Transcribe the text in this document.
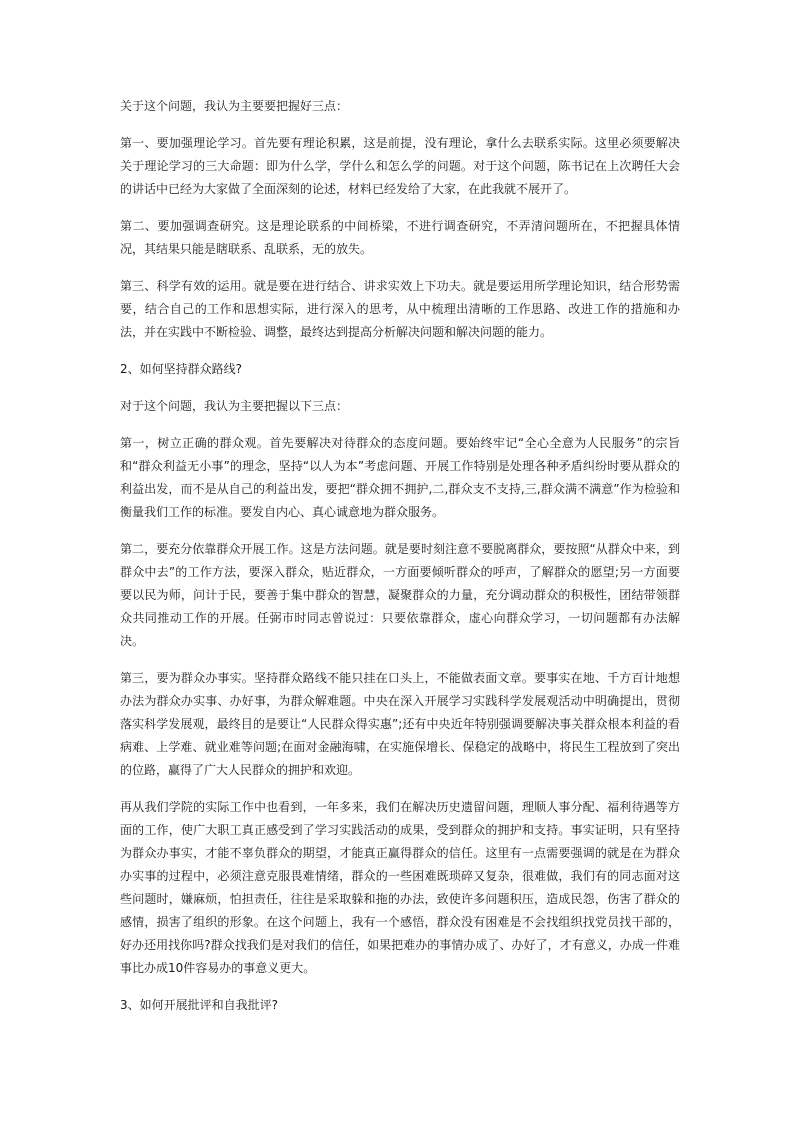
关于这个问题，我认为主要要把握好三点：

第一、要加强理论学习。首先要有理论积累，这是前提，没有理论，拿什么去联系实际。这里必须要解决关于理论学习的三大命题：即为什么学，学什么和怎么学的问题。对于这个问题，陈书记在上次聘任大会的讲话中已经为大家做了全面深刻的论述，材料已经发给了大家，在此我就不展开了。

第二、要加强调查研究。这是理论联系的中间桥梁，不进行调查研究，不弄清问题所在，不把握具体情况，其结果只能是瞎联系、乱联系，无的放失。

第三、科学有效的运用。就是要在进行结合、讲求实效上下功夫。就是要运用所学理论知识，结合形势需要，结合自己的工作和思想实际，进行深入的思考，从中梳理出清晰的工作思路、改进工作的措施和办法，并在实践中不断检验、调整，最终达到提高分析解决问题和解决问题的能力。

2、如何坚持群众路线?

对于这个问题，我认为主要把握以下三点：

第一，树立正确的群众观。首先要解决对待群众的态度问题。要始终牢记“全心全意为人民服务”的宗旨和“群众利益无小事”的理念，坚持“以人为本”考虑问题、开展工作特别是处理各种矛盾纠纷时要从群众的利益出发，而不是从自己的利益出发，要把“群众拥不拥护,二,群众支不支持,三,群众满不满意”作为检验和衡量我们工作的标准。要发自内心、真心诚意地为群众服务。

第二，要充分依靠群众开展工作。这是方法问题。就是要时刻注意不要脱离群众，要按照“从群众中来，到群众中去”的工作方法，要深入群众，贴近群众，一方面要倾听群众的呼声，了解群众的愿望;另一方面要要以民为师，问计于民，要善于集中群众的智慧，凝聚群众的力量，充分调动群众的积极性，团结带领群众共同推动工作的开展。任弼市时同志曾说过：只要依靠群众，虚心向群众学习，一切问题都有办法解决。

第三，要为群众办事实。坚持群众路线不能只挂在口头上，不能做表面文章。要事实在地、千方百计地想办法为群众办实事、办好事，为群众解难题。中央在深入开展学习实践科学发展观活动中明确提出，贯彻落实科学发展观，最终目的是要让“人民群众得实惠”;还有中央近年特别强调要解决事关群众根本利益的看病难、上学难、就业难等问题;在面对金融海啸，在实施保增长、保稳定的战略中，将民生工程放到了突出的位路，赢得了广大人民群众的拥护和欢迎。

再从我们学院的实际工作中也看到，一年多来，我们在解决历史遗留问题，理顺人事分配、福利待遇等方面的工作，使广大职工真正感受到了学习实践活动的成果，受到群众的拥护和支持。事实证明，只有坚持为群众办事实，才能不辜负群众的期望，才能真正赢得群众的信任。这里有一点需要强调的就是在为群众办实事的过程中，必须注意克服畏难情绪，群众的一些困难既琐碎又复杂，很难做，我们有的同志面对这些问题时，嫌麻烦，怕担责任，往往是采取躲和拖的办法，致使许多问题积压，造成民怨，伤害了群众的感情，损害了组织的形象。在这个问题上，我有一个感悟，群众没有困难是不会找组织找党员找干部的，好办还用找你吗?群众找我们是对我们的信任，如果把难办的事情办成了、办好了，才有意义，办成一件难事比办成10件容易办的事意义更大。

3、如何开展批评和自我批评?
